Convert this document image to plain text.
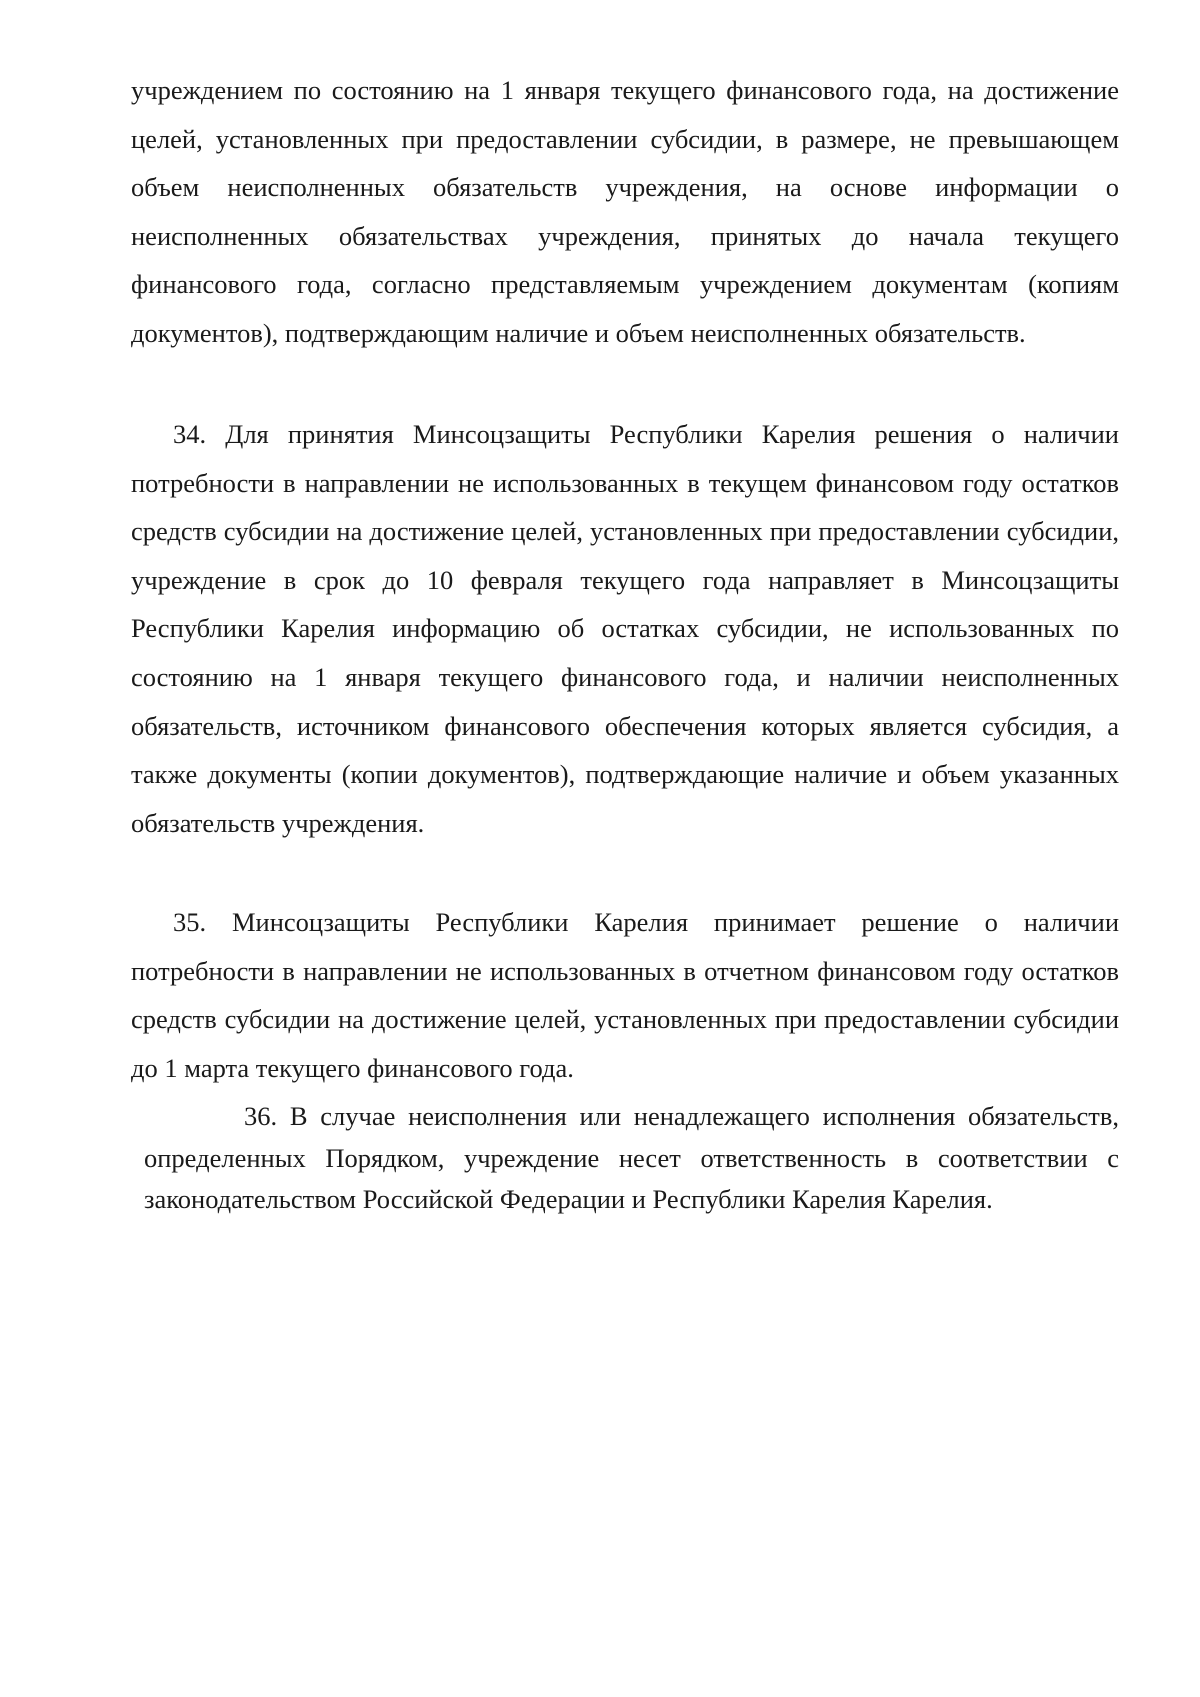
учреждением по состоянию на 1 января текущего финансового года, на достижение целей, установленных при предоставлении субсидии, в размере, не превышающем объем неисполненных обязательств учреждения, на основе информации о неисполненных обязательствах учреждения, принятых до начала текущего финансового года, согласно представляемым учреждением документам (копиям документов), подтверждающим наличие и объем неисполненных обязательств.

34. Для принятия Минсоцзащиты Республики Карелия решения о наличии потребности в направлении не использованных в текущем финансовом году остатков средств субсидии на достижение целей, установленных при предоставлении субсидии, учреждение в срок до 10 февраля текущего года направляет в Минсоцзащиты Республики Карелия информацию об остатках субсидии, не использованных по состоянию на 1 января текущего финансового года, и наличии неисполненных обязательств, источником финансового обеспечения которых является субсидия, а также документы (копии документов), подтверждающие наличие и объем указанных обязательств учреждения.

35. Минсоцзащиты Республики Карелия принимает решение о наличии потребности в направлении не использованных в отчетном финансовом году остатков средств субсидии на достижение целей, установленных при предоставлении субсидии до 1 марта текущего финансового года.

36. В случае неисполнения или ненадлежащего исполнения обязательств, определенных Порядком, учреждение несет ответственность в соответствии с законодательством Российской Федерации и Республики Карелия Карелия.
